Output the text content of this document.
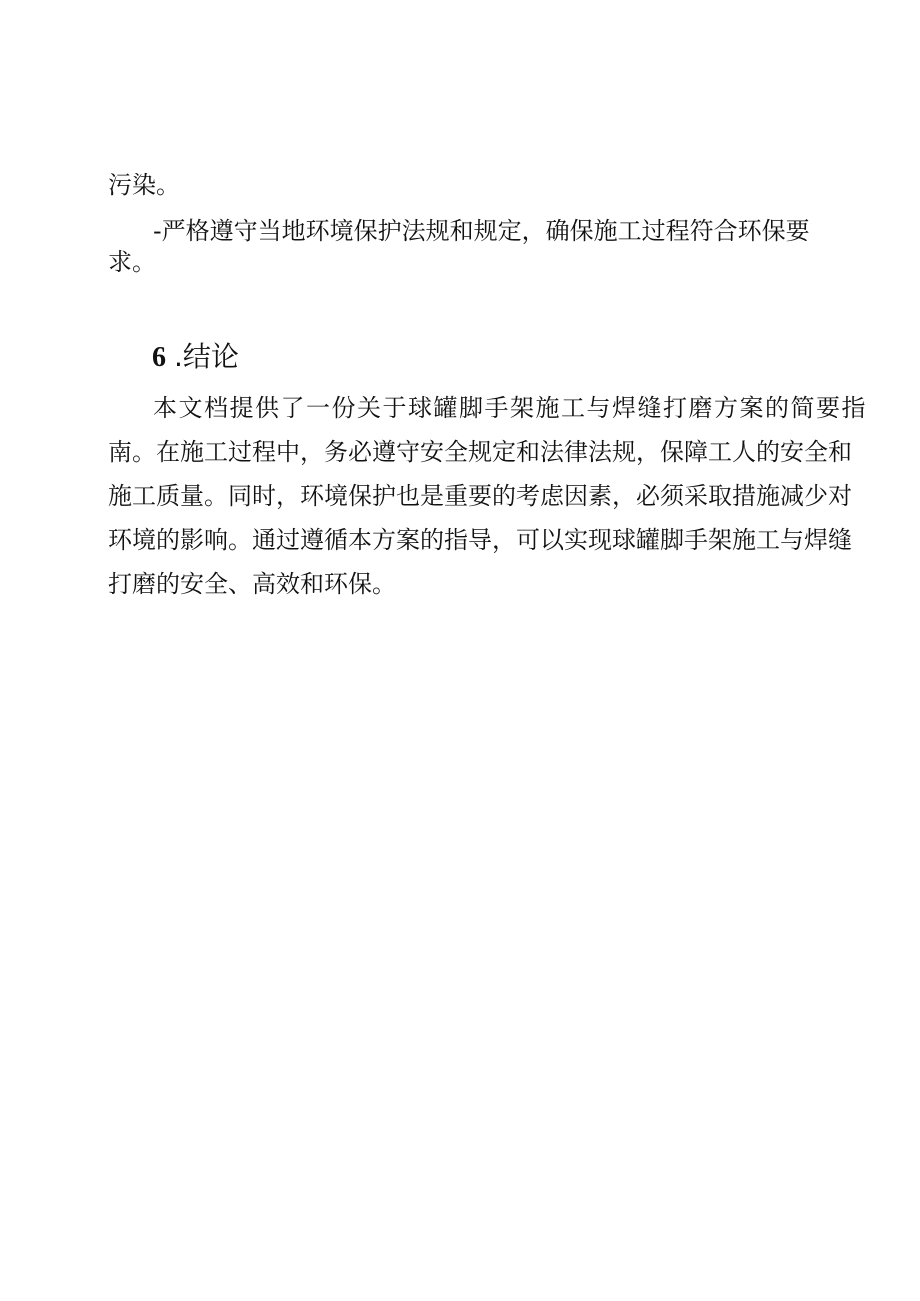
污染。
-严格遵守当地环境保护法规和规定，确保施工过程符合环保要
求。
6 .结论
本文档提供了一份关于球罐脚手架施工与焊缝打磨方案的简要指
南。在施工过程中，务必遵守安全规定和法律法规，保障工人的安全和
施工质量。同时，环境保护也是重要的考虑因素，必须采取措施减少对
环境的影响。通过遵循本方案的指导，可以实现球罐脚手架施工与焊缝
打磨的安全、高效和环保。
